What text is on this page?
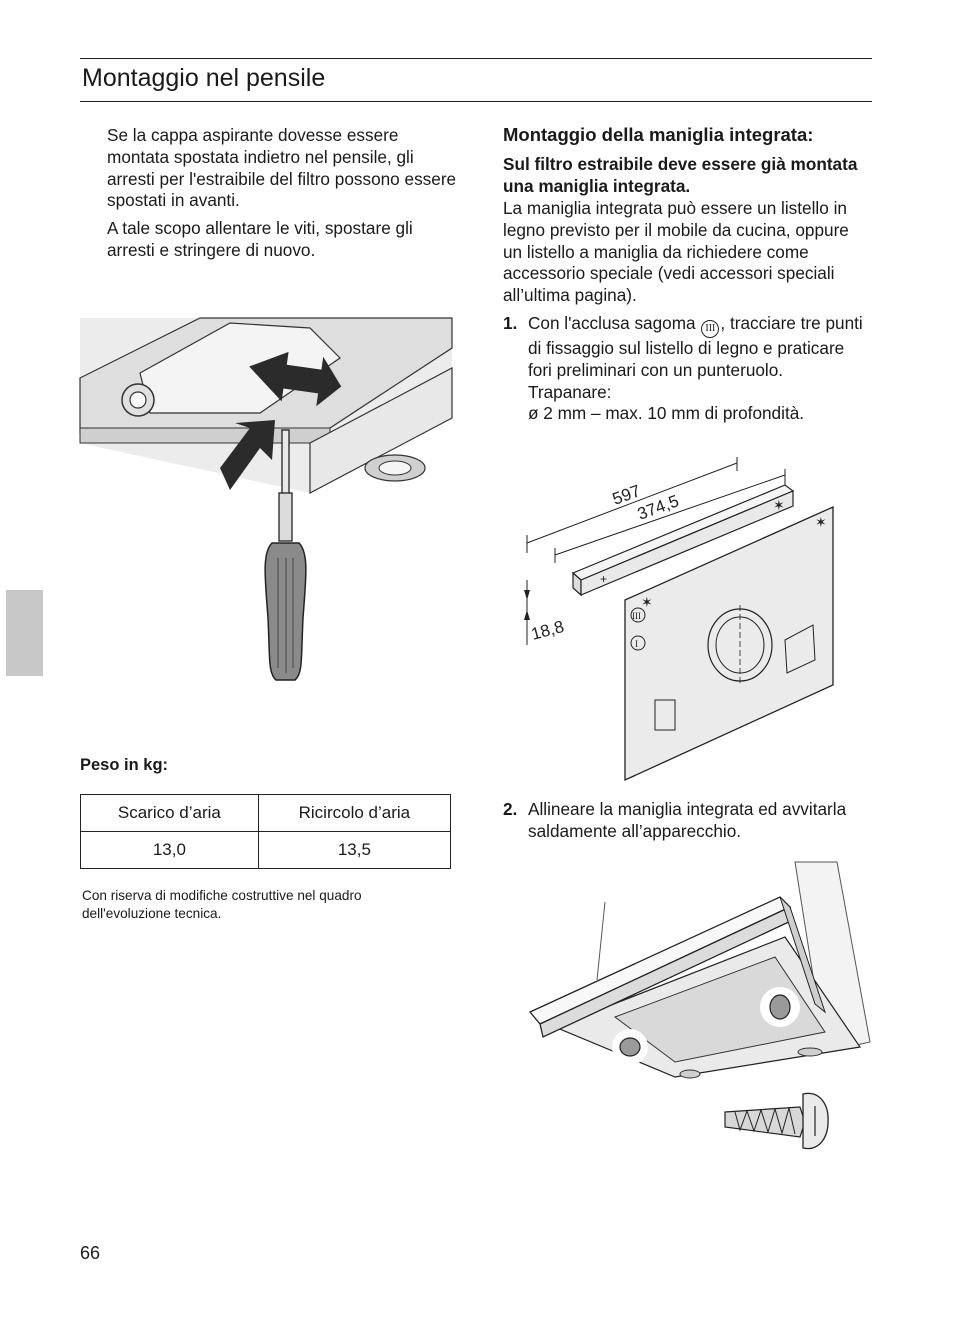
Montaggio nel pensile

Se la cappa aspirante dovesse essere montata spostata indietro nel pensile, gli arresti per l'estraibile del filtro possono essere spostati in avanti.

A tale scopo allentare le viti, spostare gli arresti e stringere di nuovo.

Peso in kg:
Scarico d’aria	Ricircolo d’aria
13,0	13,5
Con riserva di modifiche costruttive nel quadro
dell'evoluzione tecnica.
Montaggio della maniglia integrata:

Sul filtro estraibile deve essere già montata una maniglia integrata.

La maniglia integrata può essere un listello in legno previsto per il mobile da cucina, oppure un listello a maniglia da richiedere come accessorio speciale (vedi accessori speciali all’ultima pagina).

1. Con l'acclusa sagoma III , tracciare tre punti di fissaggio sul listello di legno e praticare fori preliminari con un punteruolo.
Trapanare:
ø 2 mm – max. 10 mm di profondità.
597
374,5
18,8
+
✶
✶
✶
III
I
2. Allineare la maniglia integrata ed avvitarla saldamente all’apparecchio.
66
